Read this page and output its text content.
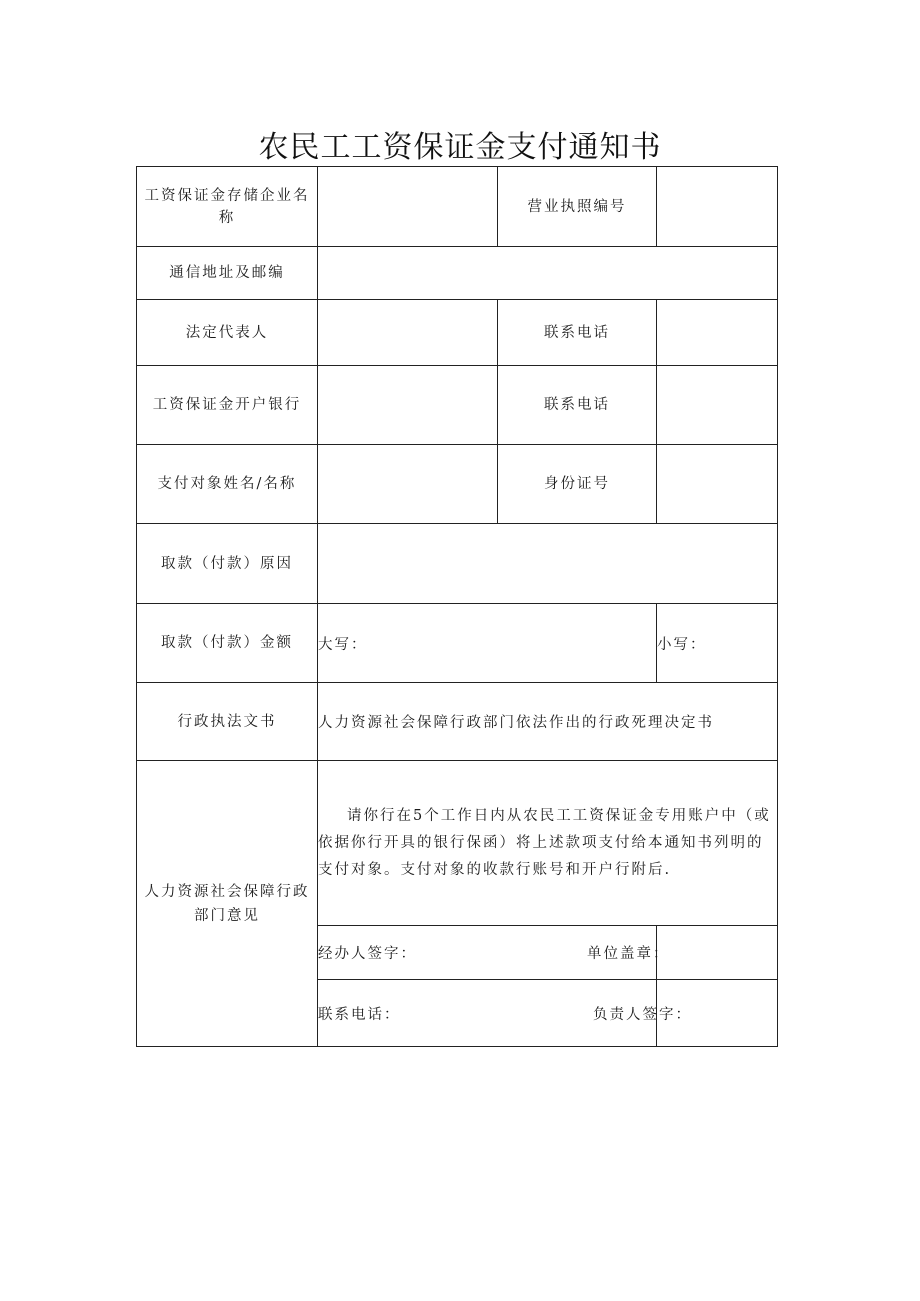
农民工工资保证金支付通知书
工资保证金存储企业名称		营业执照编号	
通信地址及邮编			
法定代表人		联系电话	
工资保证金开户银行		联系电话	
支付对象姓名/名称		身份证号	
取款（付款）原因			
取款（付款）金额	大写：		小写：
行政执法文书	人力资源社会保障行政部门依法作出的行政死理决定书		
人力资源社会保障行政部门意见	请你行在5个工作日内从农民工工资保证金专用账户中（或依据你行开具的银行保函）将上述款项支付给本通知书列明的支付对象。支付对象的收款行账号和开户行附后.		

	经办人签字：		单位盖章：
	联系电话：		负责人签字：
